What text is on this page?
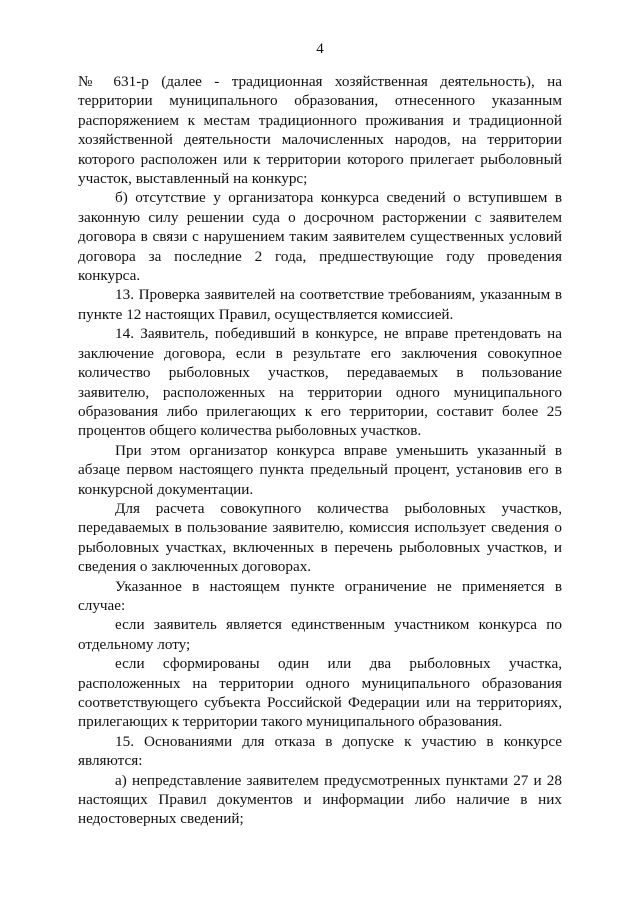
4

№ 631-р (далее - традиционная хозяйственная деятельность), на территории муниципального образования, отнесенного указанным распоряжением к местам традиционного проживания и традиционной хозяйственной деятельности малочисленных народов, на территории которого расположен или к территории которого прилегает рыболовный участок, выставленный на конкурс;

б) отсутствие у организатора конкурса сведений о вступившем в законную силу решении суда о досрочном расторжении с заявителем договора в связи с нарушением таким заявителем существенных условий договора за последние 2 года, предшествующие году проведения конкурса.

13. Проверка заявителей на соответствие требованиям, указанным в пункте 12 настоящих Правил, осуществляется комиссией.

14. Заявитель, победивший в конкурсе, не вправе претендовать на заключение договора, если в результате его заключения совокупное количество рыболовных участков, передаваемых в пользование заявителю, расположенных на территории одного муниципального образования либо прилегающих к его территории, составит более 25 процентов общего количества рыболовных участков.

При этом организатор конкурса вправе уменьшить указанный в абзаце первом настоящего пункта предельный процент, установив его в конкурсной документации.

Для расчета совокупного количества рыболовных участков, передаваемых в пользование заявителю, комиссия использует сведения о рыболовных участках, включенных в перечень рыболовных участков, и сведения о заключенных договорах.

Указанное в настоящем пункте ограничение не применяется в случае:

если заявитель является единственным участником конкурса по отдельному лоту;

если сформированы один или два рыболовных участка, расположенных на территории одного муниципального образования соответствующего субъекта Российской Федерации или на территориях, прилегающих к территории такого муниципального образования.

15. Основаниями для отказа в допуске к участию в конкурсе являются:

а) непредставление заявителем предусмотренных пунктами 27 и 28 настоящих Правил документов и информации либо наличие в них недостоверных сведений;
